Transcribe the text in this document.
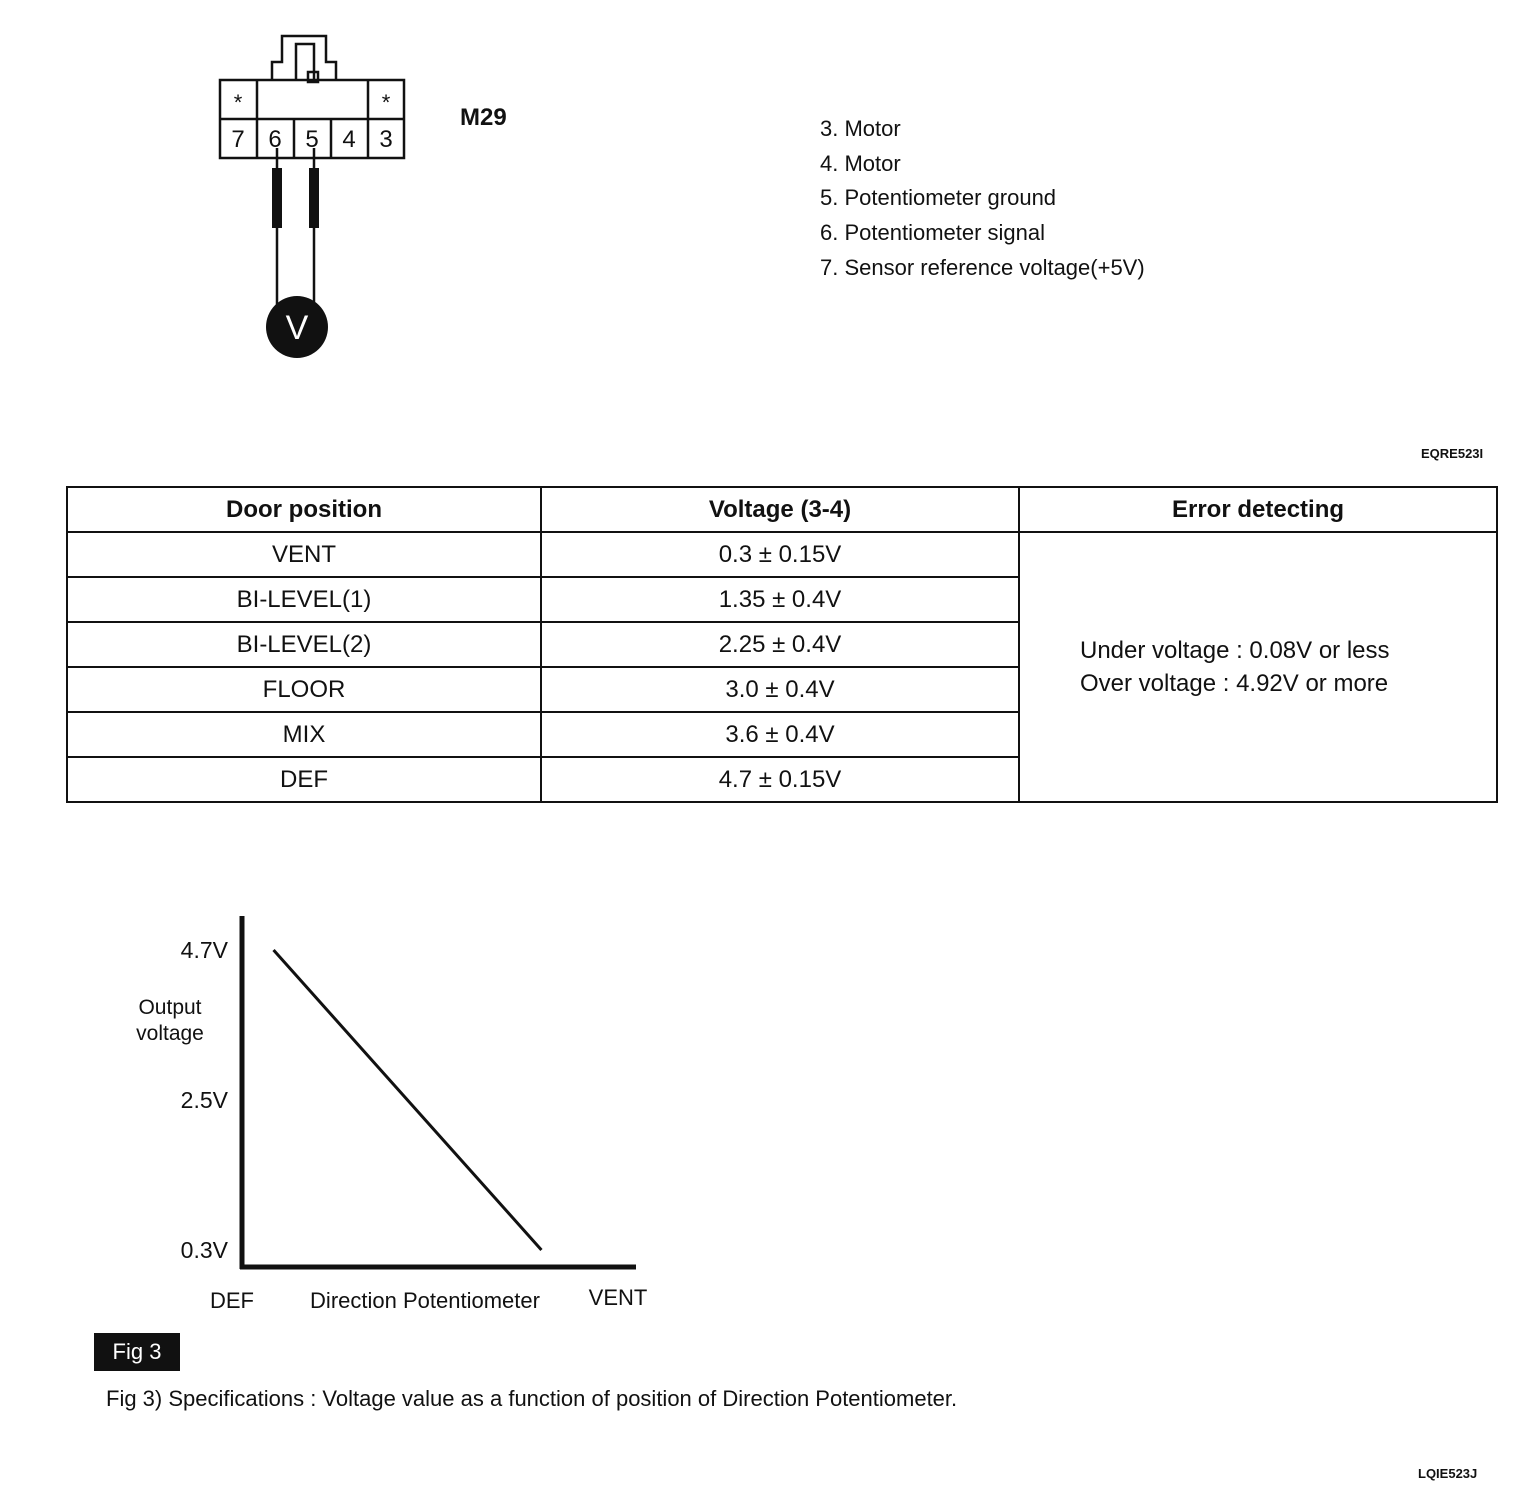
V
*	*
7 6 5 4 3
M29	3. Motor
4. Motor
5. Potentiometer ground
6. Potentiometer signal
7. Sensor reference voltage(+5V)
EQRE523I
Door position	Voltage (3-4)	Error detecting
VENT	0.3 ± 0.15V	Under voltage : 0.08V or less
Over voltage : 4.92V or more

BI-LEVEL(1)	1.35 ± 0.4V	
BI-LEVEL(2)	2.25 ± 0.4V	
FLOOR	3.0 ± 0.4V	
MIX	3.6 ± 0.4V	
DEF	4.7 ± 0.15V	
4.7V
2.5V
0.3V
Output
voltage
DEF	Direction Potentiometer VENT
Fig 3
Fig 3) Specifications : Voltage value as a function of position of Direction Potentiometer.
LQIE523J
